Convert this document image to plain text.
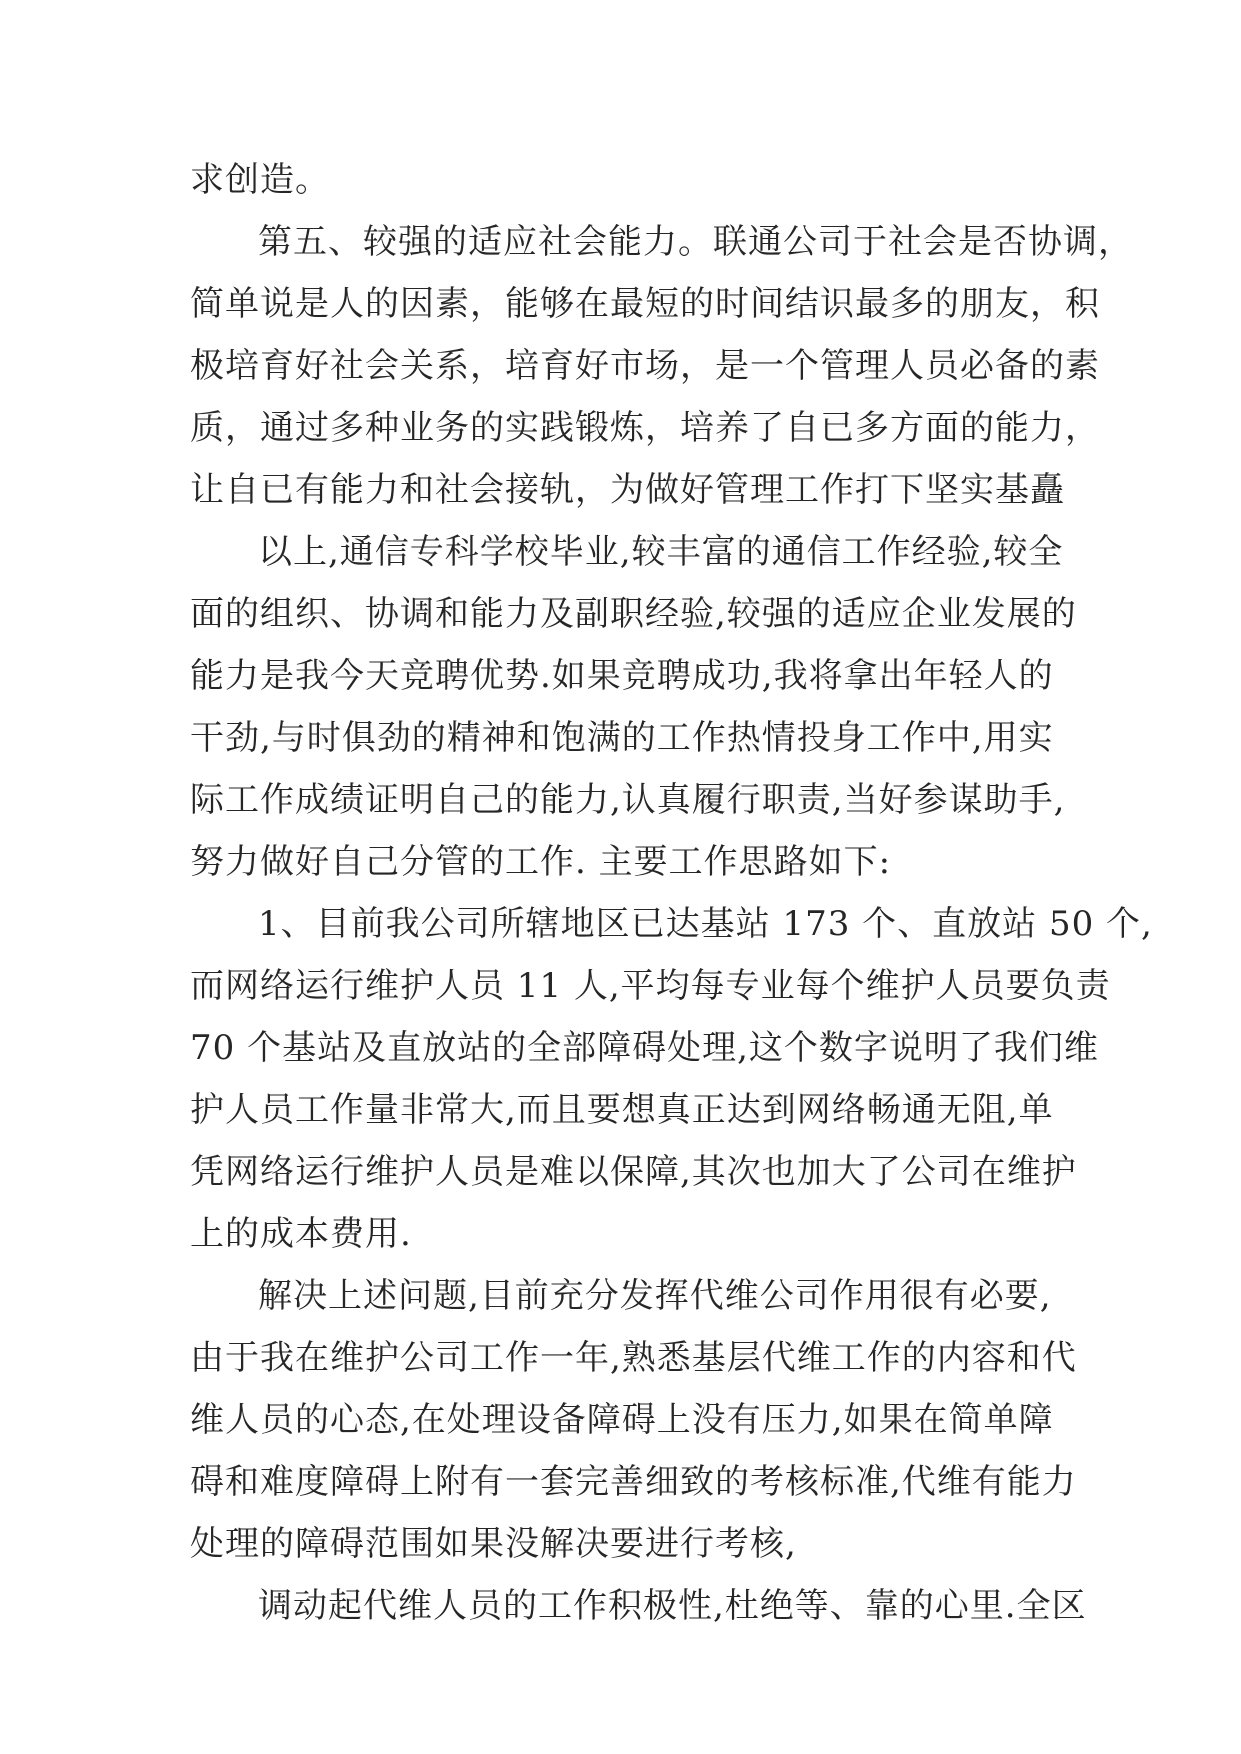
求创造。

第五、较强的适应社会能力。联通公司于社会是否协调，

简单说是人的因素，能够在最短的时间结识最多的朋友，积

极培育好社会关系，培育好市场，是一个管理人员必备的素

质，通过多种业务的实践锻炼，培养了自已多方面的能力，

让自已有能力和社会接轨，为做好管理工作打下坚实基矗

以上,通信专科学校毕业,较丰富的通信工作经验,较全

面的组织、协调和能力及副职经验,较强的适应企业发展的

能力是我今天竞聘优势.如果竞聘成功,我将拿出年轻人的

干劲,与时俱劲的精神和饱满的工作热情投身工作中,用实

际工作成绩证明自己的能力,认真履行职责,当好参谋助手,

努力做好自己分管的工作. 主要工作思路如下:

1、目前我公司所辖地区已达基站 173 个、直放站 50 个,

而网络运行维护人员 11 人,平均每专业每个维护人员要负责

70 个基站及直放站的全部障碍处理,这个数字说明了我们维

护人员工作量非常大,而且要想真正达到网络畅通无阻,单

凭网络运行维护人员是难以保障,其次也加大了公司在维护

上的成本费用.

解决上述问题,目前充分发挥代维公司作用很有必要,

由于我在维护公司工作一年,熟悉基层代维工作的内容和代

维人员的心态,在处理设备障碍上没有压力,如果在简单障

碍和难度障碍上附有一套完善细致的考核标准,代维有能力

处理的障碍范围如果没解决要进行考核,

调动起代维人员的工作积极性,杜绝等、靠的心里.全区
